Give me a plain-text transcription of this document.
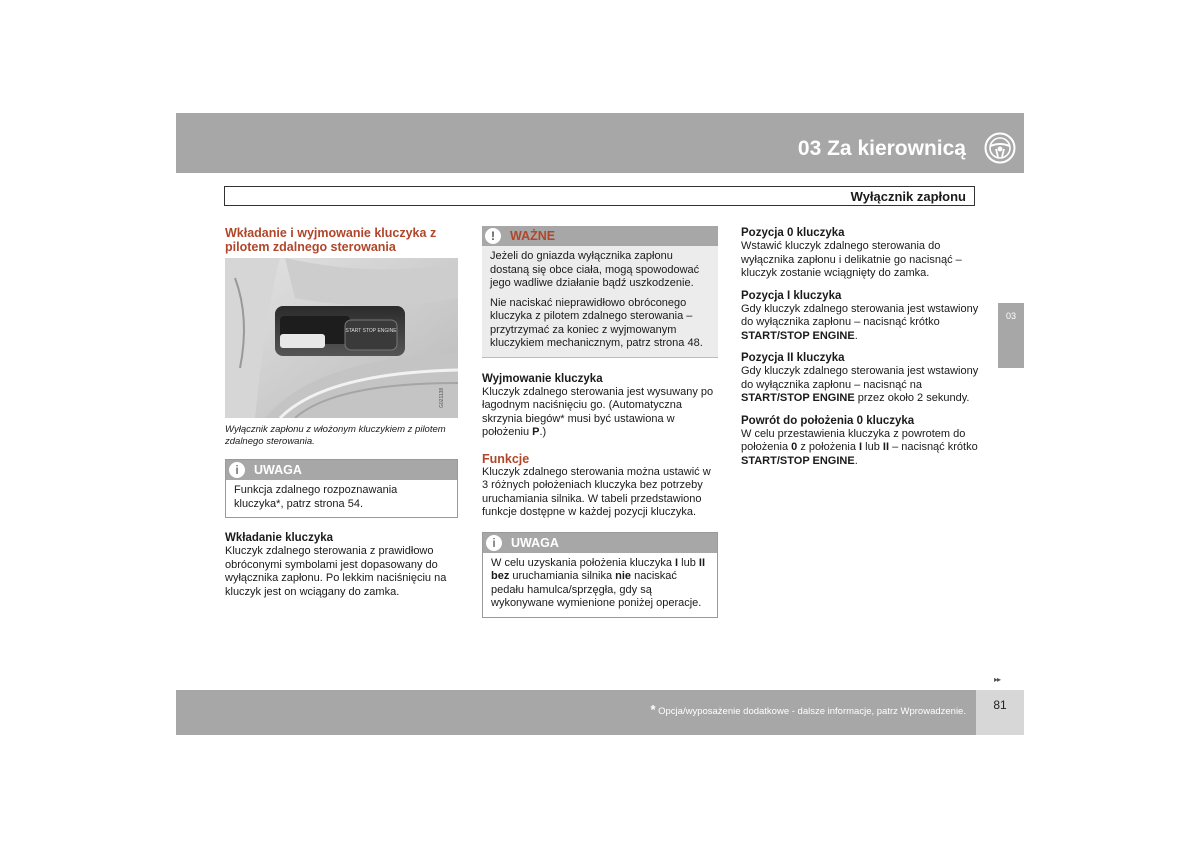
03 Za kierownicą
Wyłącznik zapłonu
03

Wkładanie i wyjmowanie kluczyka z pilotem zdalnego sterowania

START STOP ENGINE
G021138

Wyłącznik zapłonu z włożonym kluczykiem z pilotem zdalnego sterowania.

i	UWAGA

Funkcja zdalnego rozpoznawania kluczyka*, patrz strona 54.

Wkładanie kluczyka

Kluczyk zdalnego sterowania z prawidłowo obróconymi symbolami jest dopasowany do wyłącznika zapłonu. Po lekkim naciśnięciu na kluczyk jest on wciągany do zamka.

!	WAŻNE

Jeżeli do gniazda wyłącznika zapłonu dostaną się obce ciała, mogą spowodować jego wadliwe działanie bądź uszkodzenie.

Nie naciskać nieprawidłowo obróconego kluczyka z pilotem zdalnego sterowania – przytrzymać za koniec z wyjmowanym kluczykiem mechanicznym, patrz strona 48.

Wyjmowanie kluczyka

Kluczyk zdalnego sterowania jest wysuwany po łagodnym naciśnięciu go. (Automatyczna skrzynia biegów* musi być ustawiona w położeniu P.)

Funkcje

Kluczyk zdalnego sterowania można ustawić w 3 różnych położeniach kluczyka bez potrzeby uruchamiania silnika. W tabeli przedstawiono funkcje dostępne w każdej pozycji kluczyka.

i	UWAGA

W celu uzyskania położenia kluczyka I lub II bez uruchamiania silnika nie naciskać pedału hamulca/sprzęgła, gdy są wykonywane wymienione poniżej operacje.

Pozycja 0 kluczyka

Wstawić kluczyk zdalnego sterowania do wyłącznika zapłonu i delikatnie go nacisnąć – kluczyk zostanie wciągnięty do zamka.

Pozycja I kluczyka

Gdy kluczyk zdalnego sterowania jest wstawiony do wyłącznika zapłonu – nacisnąć krótko START/STOP ENGINE.

Pozycja II kluczyka

Gdy kluczyk zdalnego sterowania jest wstawiony do wyłącznika zapłonu – nacisnąć na START/STOP ENGINE przez około 2 sekundy.

Powrót do położenia 0 kluczyka

W celu przestawienia kluczyka z powrotem do położenia 0 z położenia I lub II – nacisnąć krótko START/STOP ENGINE.

▸▸
* Opcja/wyposażenie dodatkowe - dalsze informacje, patrz Wprowadzenie.	81
